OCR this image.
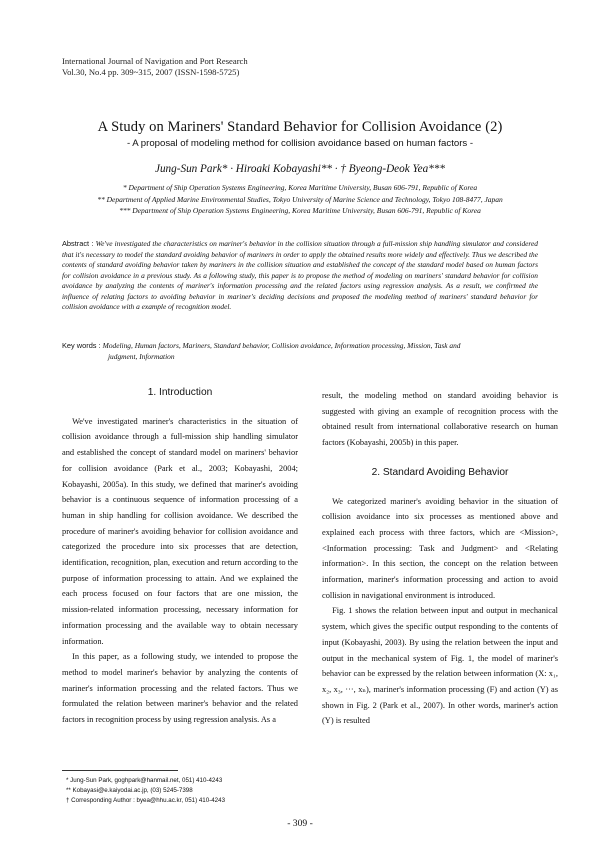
International Journal of Navigation and Port Research
Vol.30, No.4 pp. 309~315, 2007 (ISSN-1598-5725)
A Study on Mariners' Standard Behavior for Collision Avoidance (2)
- A proposal of modeling method for collision avoidance based on human factors -
Jung-Sun Park* · Hiroaki Kobayashi** · † Byeong-Deok Yea***
* Department of Ship Operation Systems Engineering, Korea Maritime University, Busan 606-791, Republic of Korea
** Department of Applied Marine Environmental Studies, Tokyo University of Marine Science and Technology, Tokyo 108-8477, Japan
*** Department of Ship Operation Systems Engineering, Korea Maritime University, Busan 606-791, Republic of Korea
Abstract : We've investigated the characteristics on mariner's behavior in the collision situation through a full-mission ship handling simulator and considered that it's necessary to model the standard avoiding behavior of mariners in order to apply the obtained results more widely and effectively. Thus we described the contents of standard avoiding behavior taken by mariners in the collision situation and established the concept of the standard model based on human factors for collision avoidance in a previous study. As a following study, this paper is to propose the method of modeling on mariners' standard behavior for collision avoidance by analyzing the contents of mariner's information processing and the related factors using regression analysis. As a result, we confirmed the influence of relating factors to avoiding behavior in mariner's deciding decisions and proposed the modeling method of mariners' standard behavior for collision avoidance with a example of recognition model.
Key words : Modeling, Human factors, Mariners, Standard behavior, Collision avoidance, Information processing, Mission, Task and
judgment, Information
1. Introduction

We've investigated mariner's characteristics in the situation of collision avoidance through a full-mission ship handling simulator and established the concept of standard model on mariners' behavior for collision avoidance (Park et al., 2003; Kobayashi, 2004; Kobayashi, 2005a). In this study, we defined that mariner's avoiding behavior is a continuous sequence of information processing of a human in ship handling for collision avoidance. We described the procedure of mariner's avoiding behavior for collision avoidance and categorized the procedure into six processes that are detection, identification, recognition, plan, execution and return according to the purpose of information processing to attain. And we explained the each process focused on four factors that are one mission, the mission-related information processing, necessary information for information processing and the available way to obtain necessary information.

In this paper, as a following study, we intended to propose the method to model mariner's behavior by analyzing the contents of mariner's information processing and the related factors. Thus we formulated the relation between mariner's behavior and the related factors in recognition process by using regression analysis. As a

result, the modeling method on standard avoiding behavior is suggested with giving an example of recognition process with the obtained result from international collaborative research on human factors (Kobayashi, 2005b) in this paper.

2. Standard Avoiding Behavior

We categorized mariner's avoiding behavior in the situation of collision avoidance into six processes as mentioned above and explained each process with three factors, which are <Mission>, <Information processing: Task and Judgment> and <Relating information>. In this section, the concept on the relation between information, mariner's information processing and action to avoid collision in navigational environment is introduced.

Fig. 1 shows the relation between input and output in mechanical system, which gives the specific output responding to the contents of input (Kobayashi, 2003). By using the relation between the input and output in the mechanical system of Fig. 1, the model of mariner's behavior can be expressed by the relation between information (X: x₁, x₂, x₃, ···, xₙ), mariner's information processing (F) and action (Y) as shown in Fig. 2 (Park et al., 2007). In other words, mariner's action (Y) is resulted

* Jung-Sun Park, goghpark@hanmail.net, 051) 410-4243
** Kobayasi@e.kaiyodai.ac.jp, (03) 5245-7398
† Corresponding Author : byea@hhu.ac.kr, 051) 410-4243
- 309 -
